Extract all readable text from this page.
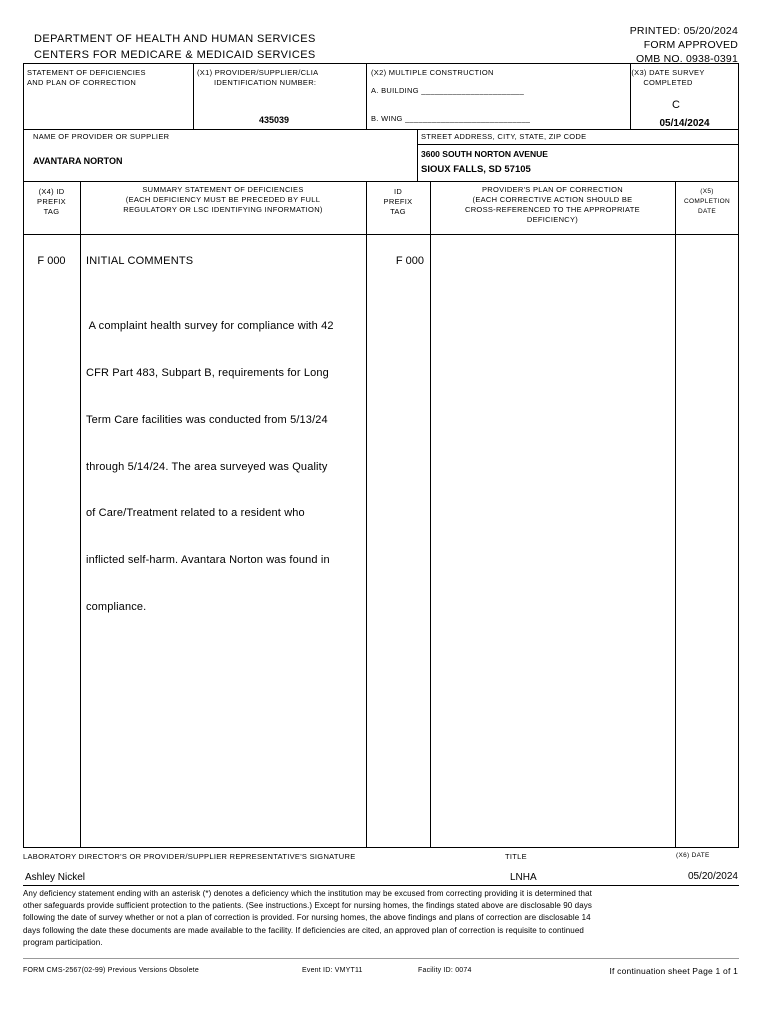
DEPARTMENT OF HEALTH AND HUMAN SERVICES
CENTERS FOR MEDICARE & MEDICAID SERVICES
PRINTED: 05/20/2024
FORM APPROVED
OMB NO. 0938-0391
STATEMENT OF DEFICIENCIES
AND PLAN OF CORRECTION
(X1) PROVIDER/SUPPLIER/CLIA
IDENTIFICATION NUMBER:
435039
(X2) MULTIPLE CONSTRUCTION
A. BUILDING _______________________
B. WING ____________________________
(X3) DATE SURVEY
COMPLETED
C
05/14/2024
NAME OF PROVIDER OR SUPPLIER
AVANTARA NORTON
STREET ADDRESS, CITY, STATE, ZIP CODE
3600 SOUTH NORTON AVENUE
SIOUX FALLS, SD 57105
(X4) ID
PREFIX
TAG
SUMMARY STATEMENT OF DEFICIENCIES
(EACH DEFICIENCY MUST BE PRECEDED BY FULL
REGULATORY OR LSC IDENTIFYING INFORMATION)
ID
PREFIX
TAG
PROVIDER'S PLAN OF CORRECTION
(EACH CORRECTIVE ACTION SHOULD BE
CROSS-REFERENCED TO THE APPROPRIATE
DEFICIENCY)
(X5)
COMPLETION
DATE
F 000	INITIAL COMMENTS	F 000

A complaint health survey for compliance with 42

CFR Part 483, Subpart B, requirements for Long

Term Care facilities was conducted from 5/13/24

through 5/14/24. The area surveyed was Quality

of Care/Treatment related to a resident who

inflicted self-harm. Avantara Norton was found in

compliance.

LABORATORY DIRECTOR'S OR PROVIDER/SUPPLIER REPRESENTATIVE'S SIGNATURE	TITLE	(X6) DATE
Ashley Nickel	LNHA	05/20/2024
Any deficiency statement ending with an asterisk (*) denotes a deficiency which the institution may be excused from correcting providing it is determined that
other safeguards provide sufficient protection to the patients. (See instructions.) Except for nursing homes, the findings stated above are disclosable 90 days
following the date of survey whether or not a plan of correction is provided. For nursing homes, the above findings and plans of correction are disclosable 14
days following the date these documents are made available to the facility. If deficiencies are cited, an approved plan of correction is requisite to continued
program participation.
FORM CMS-2567(02-99) Previous Versions Obsolete	Event ID: VMYT11	Facility ID: 0074	If continuation sheet Page 1 of 1
